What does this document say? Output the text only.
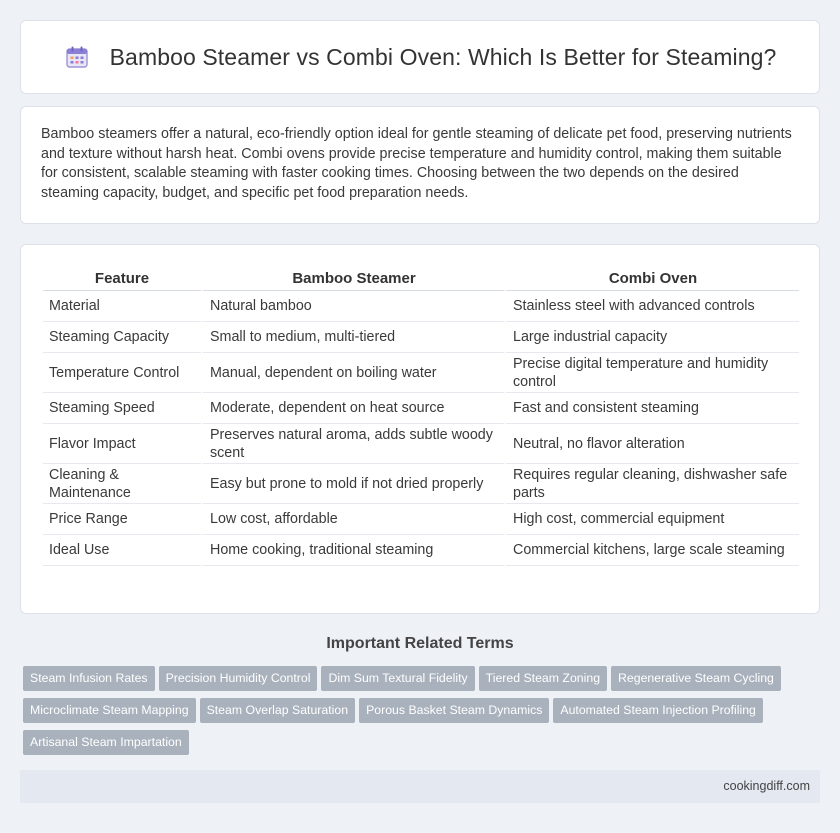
Bamboo Steamer vs Combi Oven: Which Is Better for Steaming?

Bamboo steamers offer a natural, eco-friendly option ideal for gentle steaming of delicate pet food, preserving nutrients and texture without harsh heat. Combi ovens provide precise temperature and humidity control, making them suitable for consistent, scalable steaming with faster cooking times. Choosing between the two depends on the desired steaming capacity, budget, and specific pet food preparation needs.

Feature	Bamboo Steamer	Combi Oven
Material	Natural bamboo	Stainless steel with advanced controls
Steaming Capacity	Small to medium, multi-tiered	Large industrial capacity
Temperature Control	Manual, dependent on boiling water	Precise digital temperature and humidity control
Steaming Speed	Moderate, dependent on heat source	Fast and consistent steaming
Flavor Impact	Preserves natural aroma, adds subtle woody scent	Neutral, no flavor alteration
Cleaning & Maintenance	Easy but prone to mold if not dried properly	Requires regular cleaning, dishwasher safe parts
Price Range	Low cost, affordable	High cost, commercial equipment
Ideal Use	Home cooking, traditional steaming	Commercial kitchens, large scale steaming
Important Related Terms
Steam Infusion Rates Precision Humidity Control Dim Sum Textural Fidelity Tiered Steam Zoning Regenerative Steam Cycling
Microclimate Steam Mapping Steam Overlap Saturation Porous Basket Steam Dynamics Automated Steam Injection Profiling
Artisanal Steam Impartation
cookingdiff.com
